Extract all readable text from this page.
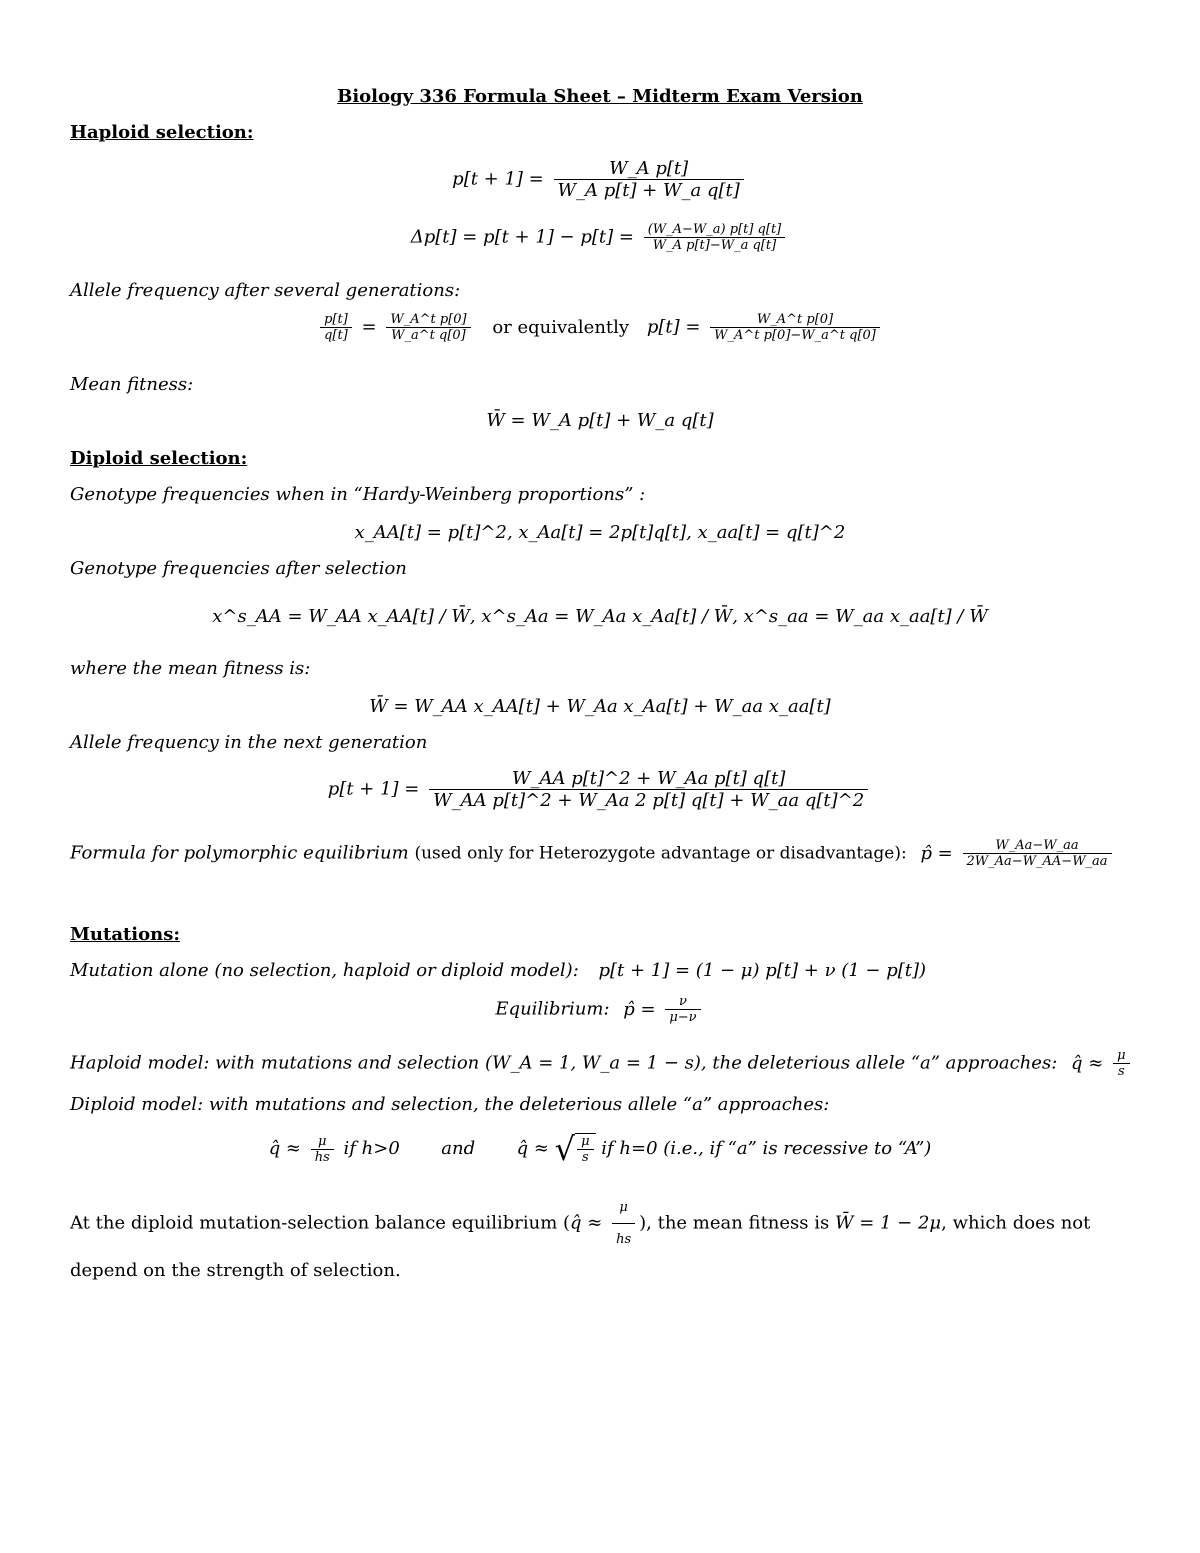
Biology 336 Formula Sheet – Midterm Exam Version
Haploid selection:
$p[t + 1] = \frac{\text{W\_A p[t]}}{\text{W\_A p[t] + W\_a q[t]}}$
$\Delta p[t] = p[t + 1] - p[t] = \frac{(W\_A-W\_a) p[t] q[t]}{\text{W\_A p[t]−W\_a q[t]}}$
Allele frequency after several generations:
$\frac{p[t]}{q[t]} = \frac{\text{W\_A\textasciicircum{}t p[0]}}{\text{W\_a\textasciicircum{}t q[0]}}$ or equivalently $p[t] = \frac{\text{W\_A\textasciicircum{}t p[0]}}{\text{W\_A\textasciicircum{}t p[0]−W\_a\textasciicircum{}t q[0]}}$
Mean fitness:
W̄ = W_A p[t] + W_a q[t]
Diploid selection:
Genotype frequencies when in “Hardy-Weinberg proportions” :
x_AA[t] = p[t]^2, x_Aa[t] = 2p[t]q[t], x_aa[t] = q[t]^2
Genotype frequencies after selection
x^s_AA = W_AA x_AA[t] / W̄, x^s_Aa = W_Aa x_Aa[t] / W̄, x^s_aa = W_aa x_aa[t] / W̄
where the mean fitness is:
W̄ = W_AA x_AA[t] + W_Aa x_Aa[t] + W_aa x_aa[t]
Allele frequency in the next generation
$p[t + 1] = \frac{\text{W\_AA p[t]\textasciicircum{}2 + W\_Aa p[t] q[t]}}{\text{W\_AA p[t]\textasciicircum{}2 + W\_Aa 2 p[t] q[t] + W\_aa q[t]\textasciicircum{}2}}$
Formula for polymorphic equilibrium (used only for Heterozygote advantage or disadvantage): p̂ = $\frac{W\_Aa-W\_aa}{2W\_Aa-W\_AA-W\_aa}$
Mutations:
Mutation alone (no selection, haploid or diploid model): p[t + 1] = (1 − μ) p[t] + ν (1 − p[t])
Equilibrium: p̂ = $\frac{\nu}{\mu-\nu}$
Haploid model: with mutations and selection (W_A = 1, W_a = 1 − s), the deleterious allele “a” approaches: q̂ ≈ $\frac{\mu}{s}$
Diploid model: with mutations and selection, the deleterious allele “a” approaches:
q̂ ≈ $\frac{\mu}{hs}$ if h>0 and q̂ ≈ √ $\frac{\mu}{s}$ if h=0 (i.e., if “a” is recessive to “A”)
At the diploid mutation-selection balance equilibrium (q̂ ≈ $\frac{\mu}{hs}$ ), the mean fitness is W̄ = 1 − 2μ, which does not depend on the strength of selection.
